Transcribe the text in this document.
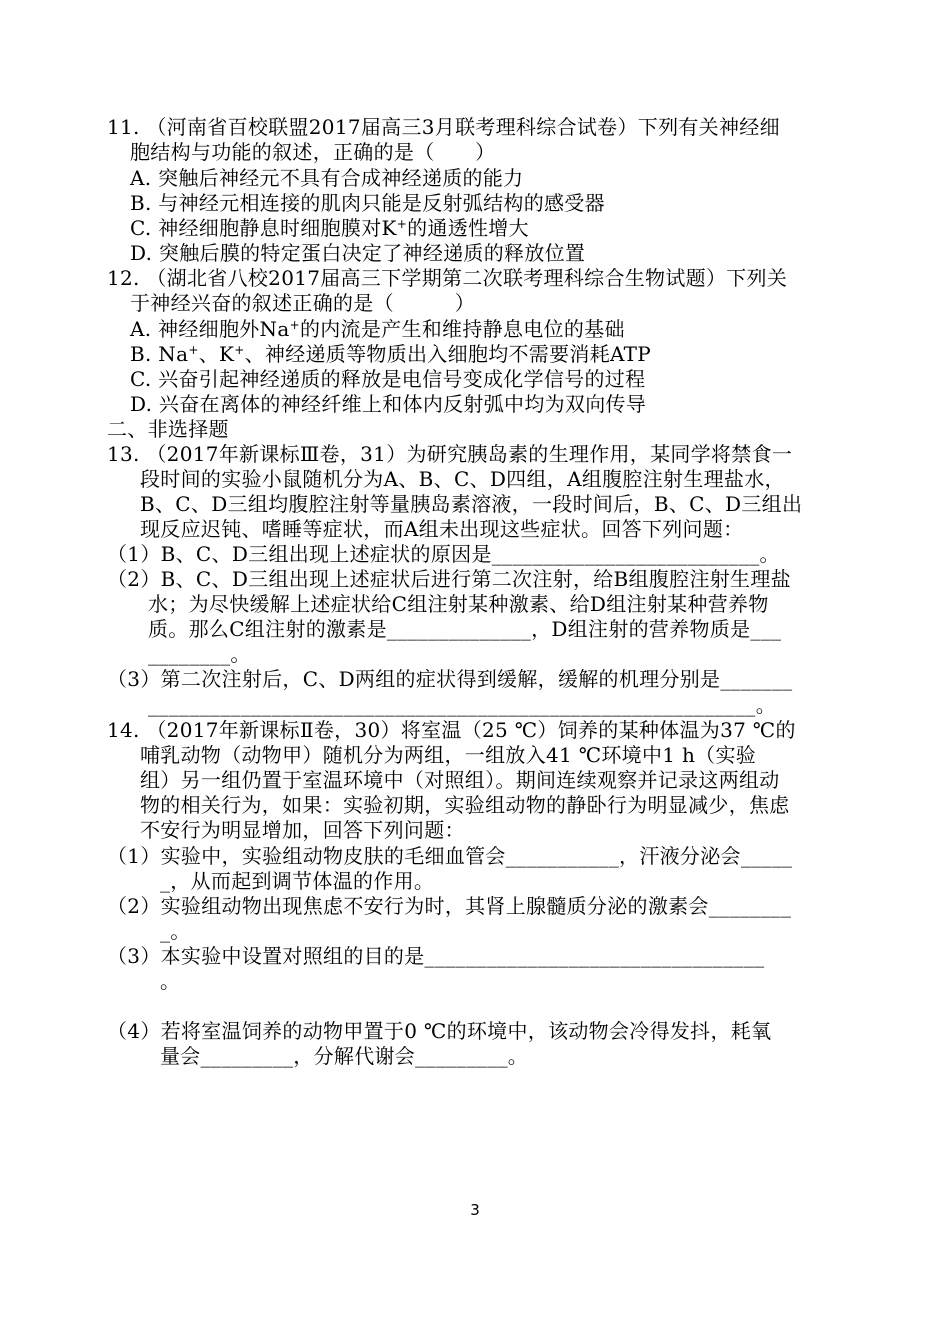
11. （河南省百校联盟2017届高三3月联考理科综合试卷）下列有关神经细
胞结构与功能的叙述，正确的是（　　）
A. 突触后神经元不具有合成神经递质的能力
B. 与神经元相连接的肌肉只能是反射弧结构的感受器
C. 神经细胞静息时细胞膜对K+的通透性增大
D. 突触后膜的特定蛋白决定了神经递质的释放位置
12. （湖北省八校2017届高三下学期第二次联考理科综合生物试题）下列关
于神经兴奋的叙述正确的是（　　　）
A. 神经细胞外Na+的内流是产生和维持静息电位的基础
B. Na+、K+、神经递质等物质出入细胞均不需要消耗ATP
C. 兴奋引起神经递质的释放是电信号变成化学信号的过程
D. 兴奋在离体的神经纤维上和体内反射弧中均为双向传导
二、非选择题
13. （2017年新课标Ⅲ卷，31）为研究胰岛素的生理作用，某同学将禁食一
段时间的实验小鼠随机分为A、B、C、D四组，A组腹腔注射生理盐水，
B、C、D三组均腹腔注射等量胰岛素溶液，一段时间后，B、C、D三组出
现反应迟钝、嗜睡等症状，而A组未出现这些症状。回答下列问题：
（1）B、C、D三组出现上述症状的原因是__________________________。
（2）B、C、D三组出现上述症状后进行第二次注射，给B组腹腔注射生理盐
水；为尽快缓解上述症状给C组注射某种激素、给D组注射某种营养物
质。那么C组注射的激素是______________，D组注射的营养物质是___
________。
（3）第二次注射后，C、D两组的症状得到缓解，缓解的机理分别是_______
___________________________________________________________。
14. （2017年新课标Ⅱ卷，30）将室温（25 ℃）饲养的某种体温为37 ℃的
哺乳动物（动物甲）随机分为两组，一组放入41 ℃环境中1 h（实验
组）另一组仍置于室温环境中（对照组）。期间连续观察并记录这两组动
物的相关行为，如果：实验初期，实验组动物的静卧行为明显减少，焦虑
不安行为明显增加，回答下列问题：
（1）实验中，实验组动物皮肤的毛细血管会___________，汗液分泌会_____
_，从而起到调节体温的作用。
（2）实验组动物出现焦虑不安行为时，其肾上腺髓质分泌的激素会________
_。
（3）本实验中设置对照组的目的是_________________________________
。
（4）若将室温饲养的动物甲置于0 ℃的环境中，该动物会冷得发抖，耗氧
量会_________，分解代谢会_________。
3
